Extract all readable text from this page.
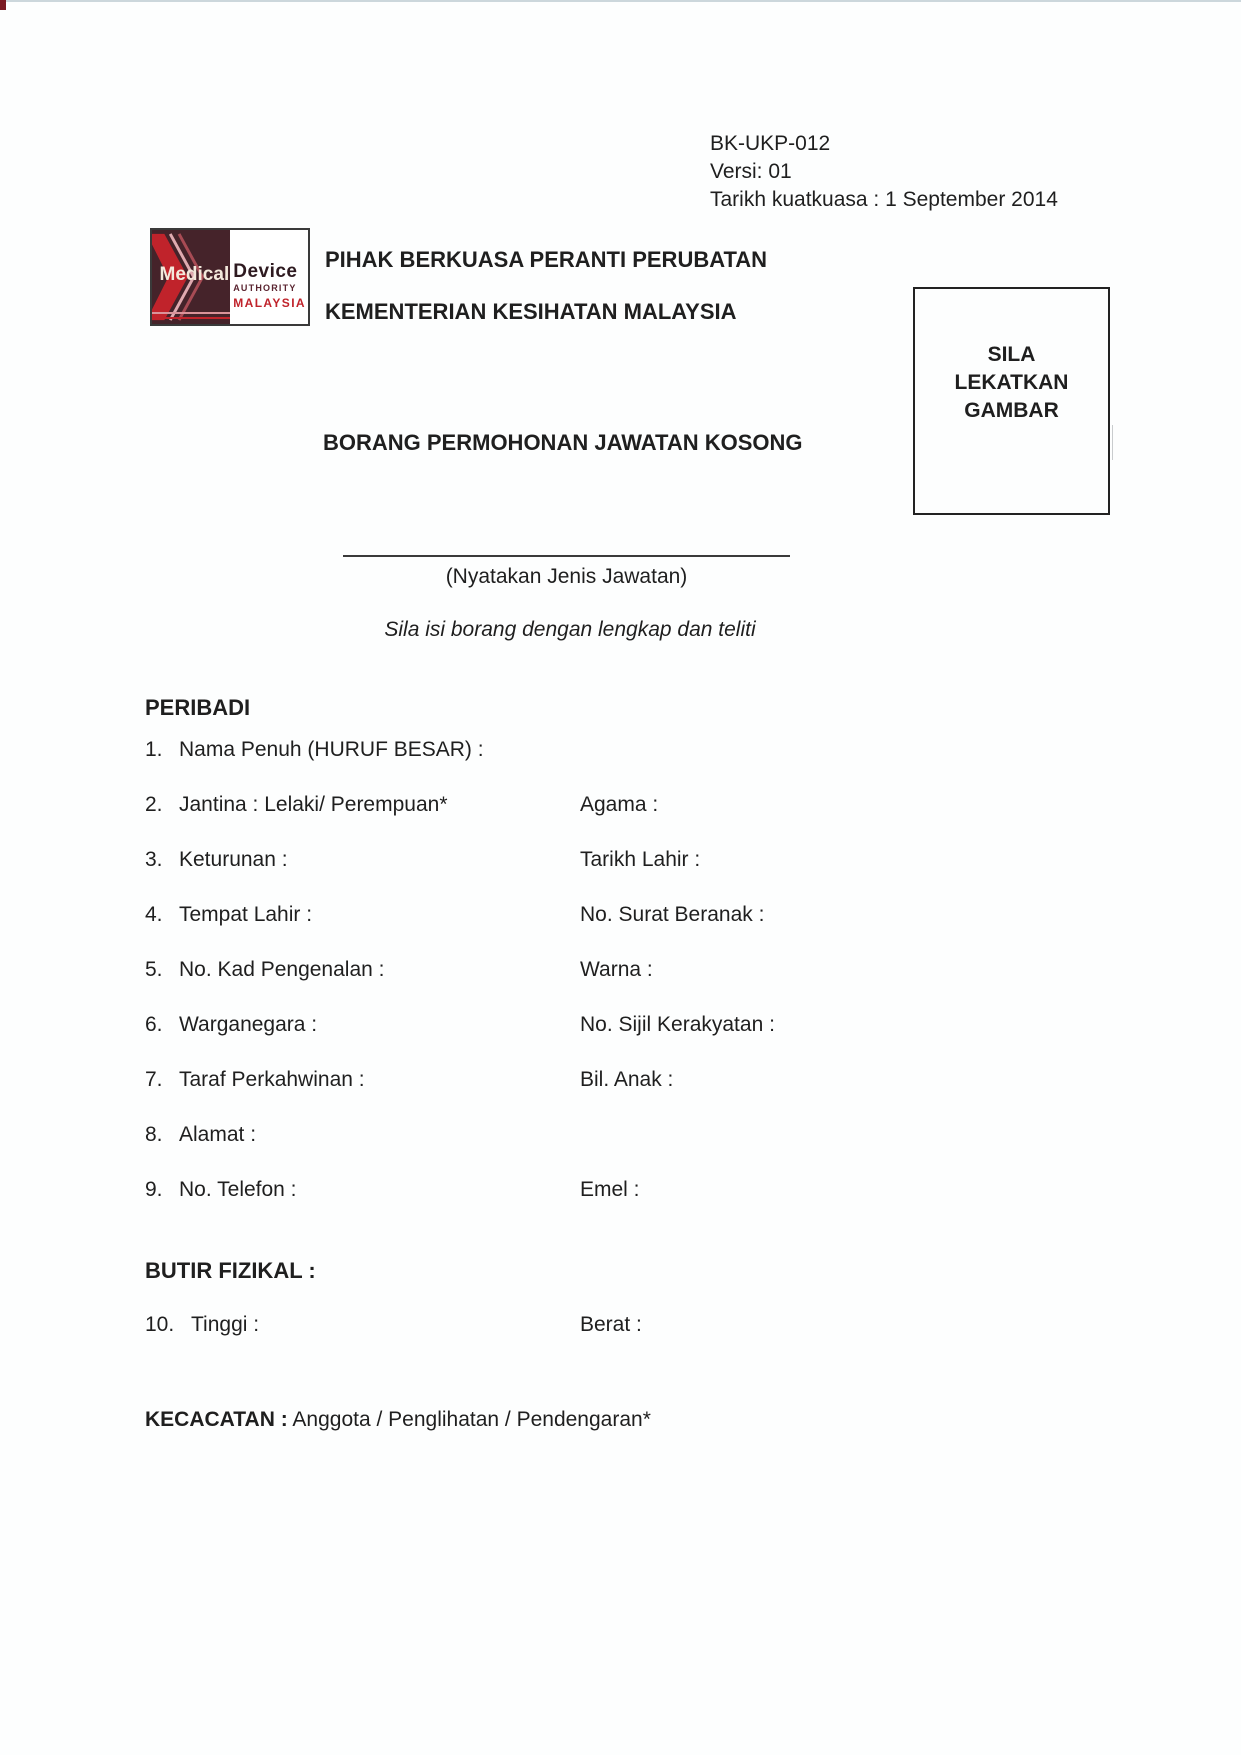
BK-UKP-012
Versi: 01
Tarikh kuatkuasa : 1 September 2014
Medical Device
AUTHORITY
MALAYSIA
PIHAK BERKUASA PERANTI PERUBATAN
KEMENTERIAN KESIHATAN MALAYSIA
BORANG PERMOHONAN JAWATAN KOSONG
SILA
LEKATKAN
GAMBAR
(Nyatakan Jenis Jawatan)
Sila isi borang dengan lengkap dan teliti
PERIBADI
1. Nama Penuh (HURUF BESAR) :
2. Jantina : Lelaki/ Perempuan*	Agama :
3. Keturunan :	Tarikh Lahir :
4. Tempat Lahir :	No. Surat Beranak :
5. No. Kad Pengenalan :	Warna :
6. Warganegara :	No. Sijil Kerakyatan :
7. Taraf Perkahwinan :	Bil. Anak :
8. Alamat :
9. No. Telefon :	Emel :
BUTIR FIZIKAL :
10. Tinggi :	Berat :
KECACATAN : Anggota / Penglihatan / Pendengaran*
